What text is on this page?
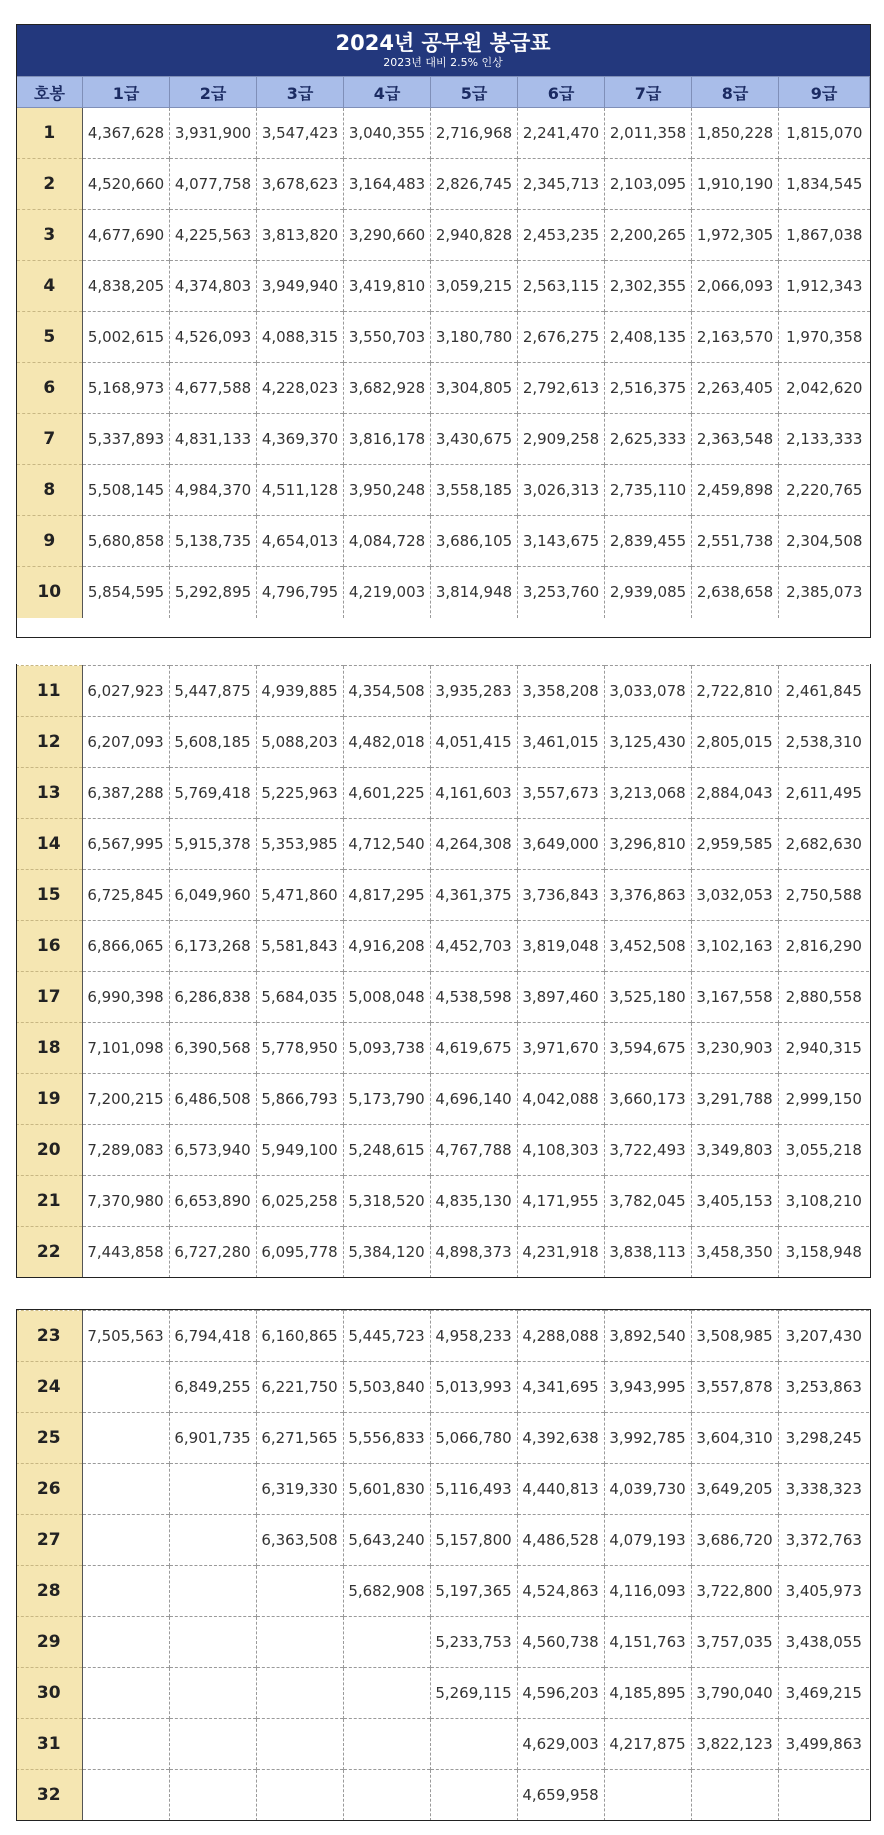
2024년 공무원 봉급표
2023년 대비 2.5% 인상									

호봉	1급	2급	3급	4급	5급	6급	7급	8급	9급
1	4,367,628	3,931,900	3,547,423	3,040,355	2,716,968	2,241,470	2,011,358	1,850,228	1,815,070
2	4,520,660	4,077,758	3,678,623	3,164,483	2,826,745	2,345,713	2,103,095	1,910,190	1,834,545
3	4,677,690	4,225,563	3,813,820	3,290,660	2,940,828	2,453,235	2,200,265	1,972,305	1,867,038
4	4,838,205	4,374,803	3,949,940	3,419,810	3,059,215	2,563,115	2,302,355	2,066,093	1,912,343
5	5,002,615	4,526,093	4,088,315	3,550,703	3,180,780	2,676,275	2,408,135	2,163,570	1,970,358
6	5,168,973	4,677,588	4,228,023	3,682,928	3,304,805	2,792,613	2,516,375	2,263,405	2,042,620
7	5,337,893	4,831,133	4,369,370	3,816,178	3,430,675	2,909,258	2,625,333	2,363,548	2,133,333
8	5,508,145	4,984,370	4,511,128	3,950,248	3,558,185	3,026,313	2,735,110	2,459,898	2,220,765
9	5,680,858	5,138,735	4,654,013	4,084,728	3,686,105	3,143,675	2,839,455	2,551,738	2,304,508
10	5,854,595	5,292,895	4,796,795	4,219,003	3,814,948	3,253,760	2,939,085	2,638,658	2,385,073
11	6,027,923	5,447,875	4,939,885	4,354,508	3,935,283	3,358,208	3,033,078	2,722,810	2,461,845
12	6,207,093	5,608,185	5,088,203	4,482,018	4,051,415	3,461,015	3,125,430	2,805,015	2,538,310
13	6,387,288	5,769,418	5,225,963	4,601,225	4,161,603	3,557,673	3,213,068	2,884,043	2,611,495
14	6,567,995	5,915,378	5,353,985	4,712,540	4,264,308	3,649,000	3,296,810	2,959,585	2,682,630
15	6,725,845	6,049,960	5,471,860	4,817,295	4,361,375	3,736,843	3,376,863	3,032,053	2,750,588
16	6,866,065	6,173,268	5,581,843	4,916,208	4,452,703	3,819,048	3,452,508	3,102,163	2,816,290
17	6,990,398	6,286,838	5,684,035	5,008,048	4,538,598	3,897,460	3,525,180	3,167,558	2,880,558
18	7,101,098	6,390,568	5,778,950	5,093,738	4,619,675	3,971,670	3,594,675	3,230,903	2,940,315
19	7,200,215	6,486,508	5,866,793	5,173,790	4,696,140	4,042,088	3,660,173	3,291,788	2,999,150
20	7,289,083	6,573,940	5,949,100	5,248,615	4,767,788	4,108,303	3,722,493	3,349,803	3,055,218
21	7,370,980	6,653,890	6,025,258	5,318,520	4,835,130	4,171,955	3,782,045	3,405,153	3,108,210
22	7,443,858	6,727,280	6,095,778	5,384,120	4,898,373	4,231,918	3,838,113	3,458,350	3,158,948
23	7,505,563	6,794,418	6,160,865	5,445,723	4,958,233	4,288,088	3,892,540	3,508,985	3,207,430
24		6,849,255	6,221,750	5,503,840	5,013,993	4,341,695	3,943,995	3,557,878	3,253,863
25		6,901,735	6,271,565	5,556,833	5,066,780	4,392,638	3,992,785	3,604,310	3,298,245
26			6,319,330	5,601,830	5,116,493	4,440,813	4,039,730	3,649,205	3,338,323
27			6,363,508	5,643,240	5,157,800	4,486,528	4,079,193	3,686,720	3,372,763
28				5,682,908	5,197,365	4,524,863	4,116,093	3,722,800	3,405,973
29					5,233,753	4,560,738	4,151,763	3,757,035	3,438,055
30					5,269,115	4,596,203	4,185,895	3,790,040	3,469,215
31						4,629,003	4,217,875	3,822,123	3,499,863
32						4,659,958			
